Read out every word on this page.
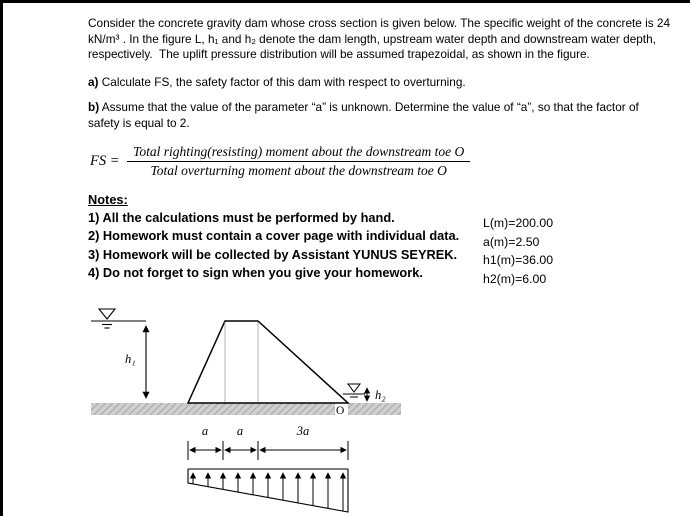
Consider the concrete gravity dam whose cross section is given below. The specific weight of the concrete is 24
kN/m³ . In the figure L, h₁ and h₂ denote the dam length, upstream water depth and downstream water depth,
respectively.  The uplift pressure distribution will be assumed trapezoidal, as shown in the figure.
a) Calculate FS, the safety factor of this dam with respect to overturning.
b) Assume that the value of the parameter “a” is unknown. Determine the value of “a”, so that the factor of
safety is equal to 2.
FS = $\frac{\text{Total righting(resisting) moment about the downstream toe O}}{\text{Total overturning moment about the downstream toe O}}$
Notes:
1) All the calculations must be performed by hand.
2) Homework must contain a cover page with individual data.
3) Homework will be collected by Assistant YUNUS SEYREK.
4) Do not forget to sign when you give your homework.
L(m)=200.00
a(m)=2.50
h1(m)=36.00
h2(m)=6.00
h₁
O
h₂
a a	3a
